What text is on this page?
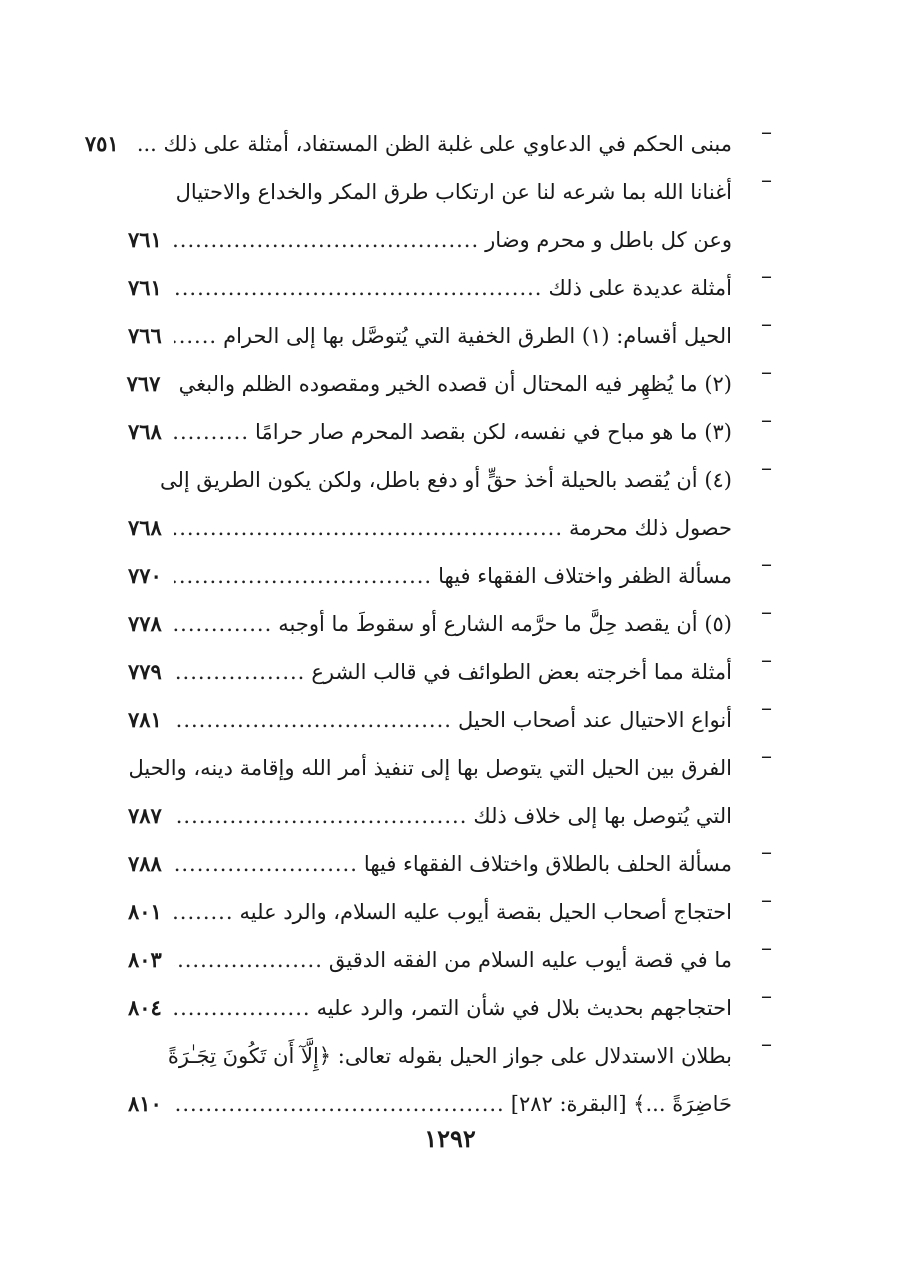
–
مبنى الحكم في الدعاوي على غلبة الظن المستفاد، أمثلة على ذلك ...
٧٥١
–
أغنانا الله بما شرعه لنا عن ارتكاب طرق المكر والخداع والاحتيال
وعن كل باطل و محرم وضار
.....
٧٦١
–
أمثلة عديدة على ذلك
.....
٧٦١
–
الحيل أقسام: (١) الطرق الخفية التي يُتوصَّل بها إلى الحرام
.....
٧٦٦
–
(٢) ما يُظهِر فيه المحتال أن قصده الخير ومقصوده الظلم والبغي
٧٦٧
–
(٣) ما هو مباح في نفسه، لكن بقصد المحرم صار حرامًا
.....
٧٦٨
–
(٤) أن يُقصد بالحيلة أخذ حقٍّ أو دفع باطل، ولكن يكون الطريق إلى
حصول ذلك محرمة
.....
٧٦٨
–
مسألة الظفر واختلاف الفقهاء فيها
.....
٧٧٠
–
(٥) أن يقصد حِلَّ ما حرَّمه الشارع أو سقوطَ ما أوجبه
.....
٧٧٨
–
أمثلة مما أخرجته بعض الطوائف في قالب الشرع
.....
٧٧٩
–
أنواع الاحتيال عند أصحاب الحيل
.....
٧٨١
–
الفرق بين الحيل التي يتوصل بها إلى تنفيذ أمر الله وإقامة دينه، والحيل
التي يُتوصل بها إلى خلاف ذلك
.....
٧٨٧
–
مسألة الحلف بالطلاق واختلاف الفقهاء فيها
.....
٧٨٨
–
احتجاج أصحاب الحيل بقصة أيوب عليه السلام، والرد عليه
.....
٨٠١
–
ما في قصة أيوب عليه السلام من الفقه الدقيق
.....
٨٠٣
–
احتجاجهم بحديث بلال في شأن التمر، والرد عليه
.....
٨٠٤
–
بطلان الاستدلال على جواز الحيل بقوله تعالى: ﴿إِلَّآ أَن تَكُونَ تِجَـٰرَةً
حَاضِرَةً ...﴾ [البقرة: ٢٨٢]
.....
٨١٠
١٢٩٢
